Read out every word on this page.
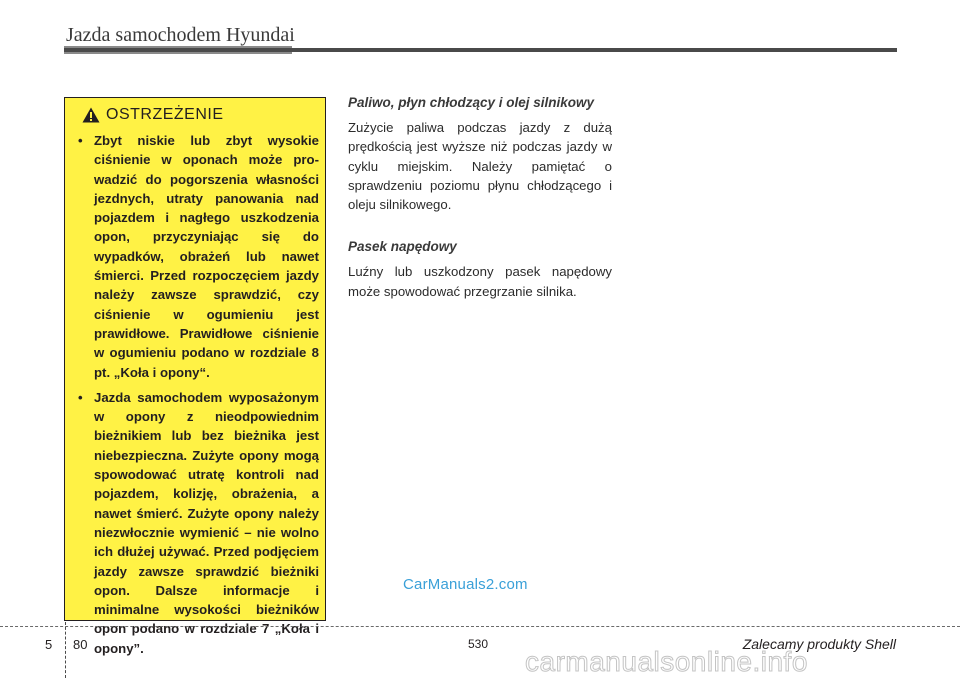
Jazda samochodem Hyundai
OSTRZEŻENIE
• Zbyt niskie lub zbyt wysokie ciśnienie w oponach może prowadzić do pogorszenia własności jezdnych, utraty panowania nad pojazdem i nagłego uszkodzenia opon, przyczyniając się do wypadków, obrażeń lub nawet śmierci. Przed rozpoczęciem jazdy należy zawsze sprawdzić, czy ciśnienie w ogumieniu jest prawidłowe. Prawidłowe ciśnienie w ogumieniu podano w rozdziale 8 pt. „Koła i opony“.
• Jazda samochodem wyposażonym w opony z nieodpowiednim bieżnikiem lub bez bieżnika jest niebezpieczna. Zużyte opony mogą spowodować utratę kontroli nad pojazdem, kolizję, obrażenia, a nawet śmierć. Zużyte opony należy niezwłocznie wymienić – nie wolno ich dłużej używać. Przed podjęciem jazdy zawsze sprawdzić bieżniki opon. Dalsze informacje i minimalne wysokości bieżników opon podano w rozdziale 7 „Koła i opony”.
Paliwo, płyn chłodzący i olej silnikowy
Zużycie paliwa podczas jazdy z dużą prędkością jest wyższe niż podczas jazdy w cyklu miejskim. Należy pamiętać o sprawdzeniu poziomu płynu chłodzącego i oleju silnikowego.
Pasek napędowy
Luźny lub uszkodzony pasek napędowy może spowodować przegrzanie silnika.
CarManuals2.com
5 80	530	Zalecamy produkty Shell
carmanualsonline.info
